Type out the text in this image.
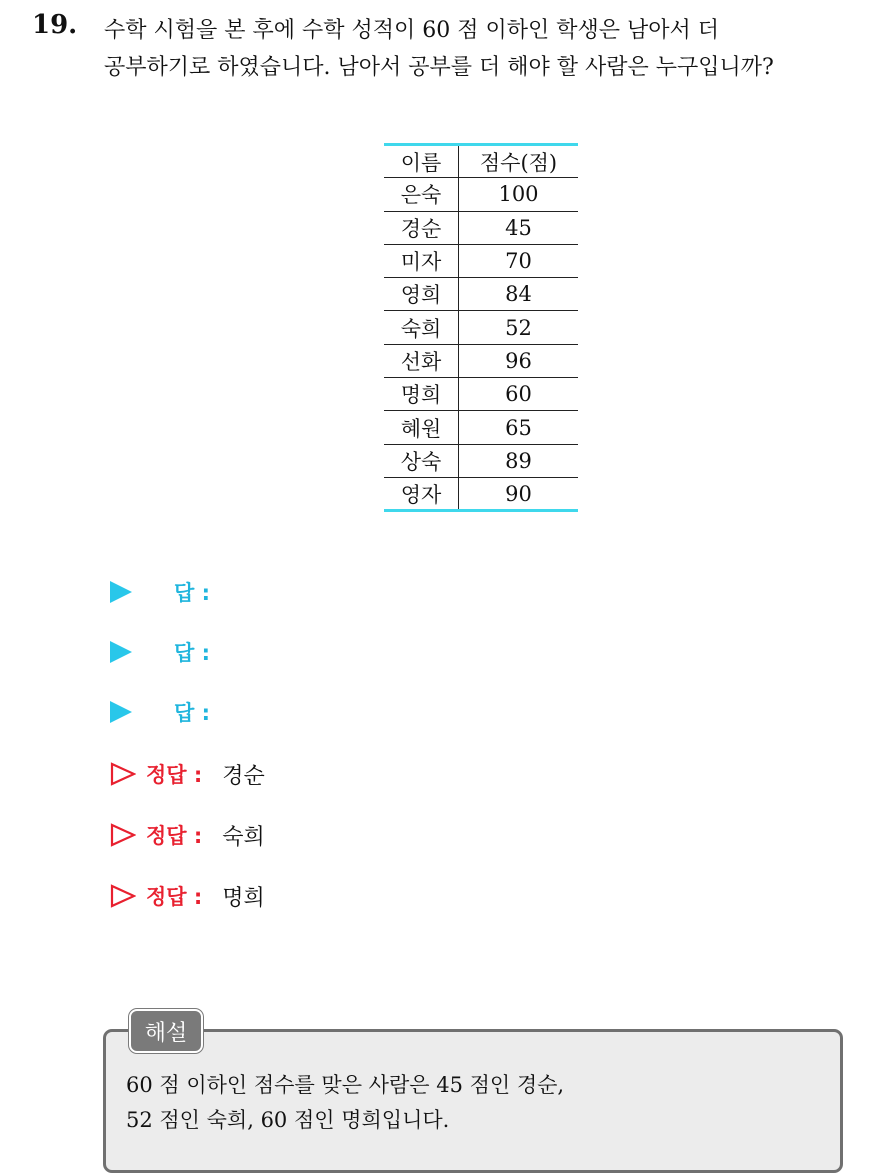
19. 수학 시험을 본 후에 수학 성적이 60 점 이하인 학생은 남아서 더
공부하기로 하였습니다. 남아서 공부를 더 해야 할 사람은 누구입니까?
이름	점수(점)
은숙	100
경순	45
미자	70
영희	84
숙희	52
선화	96
명희	60
혜원	65
상숙	89
영자	90
답 :
답 :
답 :
정답 : 경순
정답 : 숙희
정답 : 명희
해설
60 점 이하인 점수를 맞은 사람은 45 점인 경순,
52 점인 숙희, 60 점인 명희입니다.
